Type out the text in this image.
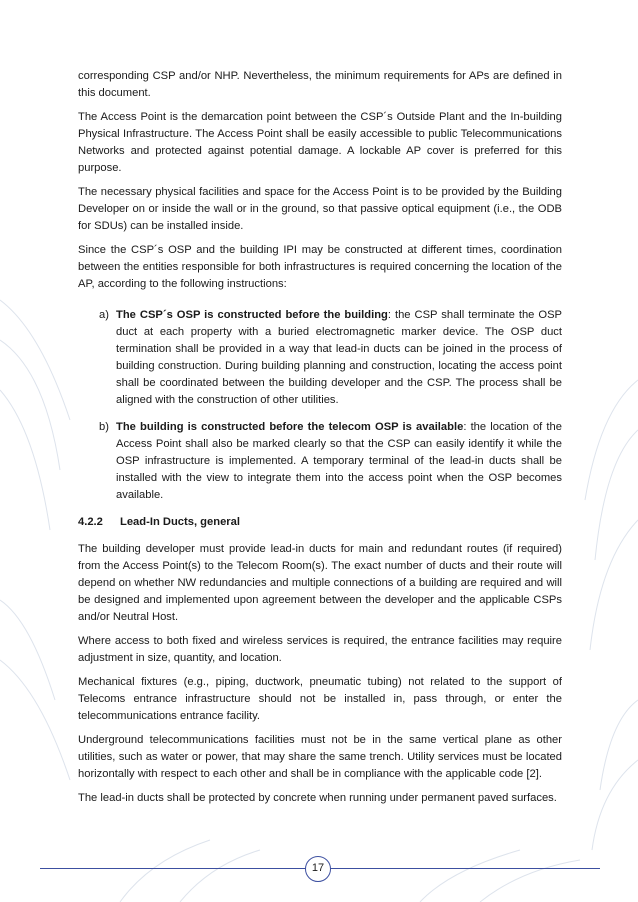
corresponding CSP and/or NHP. Nevertheless, the minimum requirements for APs are defined in this document.

The Access Point is the demarcation point between the CSP´s Outside Plant and the In-building Physical Infrastructure. The Access Point shall be easily accessible to public Telecommunications Networks and protected against potential damage. A lockable AP cover is preferred for this purpose.

The necessary physical facilities and space for the Access Point is to be provided by the Building Developer on or inside the wall or in the ground, so that passive optical equipment (i.e., the ODB for SDUs) can be installed inside.

Since the CSP´s OSP and the building IPI may be constructed at different times, coordination between the entities responsible for both infrastructures is required concerning the location of the AP, according to the following instructions:

a) The CSP´s OSP is constructed before the building: the CSP shall terminate the OSP duct at each property with a buried electromagnetic marker device. The OSP duct termination shall be provided in a way that lead-in ducts can be joined in the process of building construction. During building planning and construction, locating the access point shall be coordinated between the building developer and the CSP. The process shall be aligned with the construction of other utilities.
b) The building is constructed before the telecom OSP is available: the location of the Access Point shall also be marked clearly so that the CSP can easily identify it while the OSP infrastructure is implemented. A temporary terminal of the lead-in ducts shall be installed with the view to integrate them into the access point when the OSP becomes available.
4.2.2 Lead-In Ducts, general

The building developer must provide lead-in ducts for main and redundant routes (if required) from the Access Point(s) to the Telecom Room(s). The exact number of ducts and their route will depend on whether NW redundancies and multiple connections of a building are required and will be designed and implemented upon agreement between the developer and the applicable CSPs and/or Neutral Host.

Where access to both fixed and wireless services is required, the entrance facilities may require adjustment in size, quantity, and location.

Mechanical fixtures (e.g., piping, ductwork, pneumatic tubing) not related to the support of Telecoms entrance infrastructure should not be installed in, pass through, or enter the telecommunications entrance facility.

Underground telecommunications facilities must not be in the same vertical plane as other utilities, such as water or power, that may share the same trench. Utility services must be located horizontally with respect to each other and shall be in compliance with the applicable code [2].

The lead-in ducts shall be protected by concrete when running under permanent paved surfaces.

17
